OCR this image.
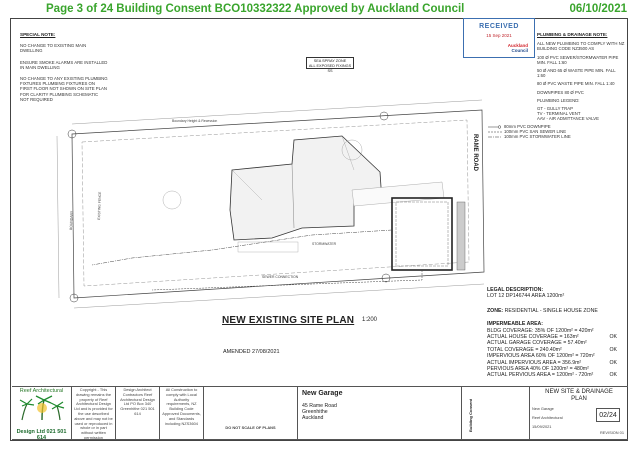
Page 3 of 24 Building Consent BCO10332322 Approved by Auckland Council	06/10/2021
SPECIAL NOTE:

NO CHANGE TO EXISTING MAIN DWELLING

ENSURE SMOKE ALARMS ARE INSTALLED IN MAIN DWELLING

NO CHANGE TO ANY EXISTING PLUMBING FIXTURES PLUMBING FIXTURES ON FIRST FLOOR NOT SHOWN ON SITE PLAN FOR CLARITY PLUMBING SCHEMATIC NOT REQUIRED

RECEIVED
15 Sep 2021
Auckland
Council
PLUMBING & DRAINAGE NOTE:

ALL NEW PLUMBING TO COMPLY WITH NZ BUILDING CODE NZ3500 AS

100 Ø PVC SEWER/STORMWATER PIPE MIN. FALL 1:60

50 Ø AND 65 Ø WASTE PIPE MIN. FALL 1:60

80 Ø PVC WASTE PIPE MIN. FALL 1:40

DOWNPIPES 80 Ø PVC

PLUMBING LEGEND:

GT - GULLY TRAP

TV - TERMINAL VENT

AAV - AIR ADMITTANCE VALVE

80mm PVC DOWNPIPE
100mm PVC SAN SEWER LINE
100mm PVC STORMWATER LINE
SEA SPRAY ZONE
ALL EXPOSED FIXINGS SS
Boundary Height & Recession
EXISTING FENCE
BOUNDARY
STORMWATER
SEWER CONNECTION
RAME ROAD
NEW EXISTING SITE PLAN 1:200
AMENDED 27/08/2021
LEGAL DESCRIPTION:
LOT 12 DP146744 AREA 1200m²
ZONE: RESIDENTIAL - SINGLE HOUSE ZONE
IMPERMEABLE AREA:
BLDG COVERAGE: 35% OF 1200m² = 420m²
ACTUAL HOUSE COVERAGE = 163m²	OK
ACTUAL GARAGE COVERAGE = 57.40m²
TOTAL COVERAGE = 240.40m²	OK
IMPERVIOUS AREA 60% OF 1200m² = 720m²
ACTUAL IMPERVIOUS AREA = 356.9m²	OK
PERVIOUS AREA 40% OF 1200m² = 480m²
ACTUAL PERVIOUS AREA = 1200m² - 720m²	OK
Reef Architectural
Design Ltd 021 501 614
Copyright - This drawing remains the property of Reef Architectural Design Ltd and is provided for the use described above and may not be used or reproduced in whole or in part without written permission
Design Architect Contractors Reef Architectural Design Ltd PO Box 340 Greenhithe 021 501 614
All Construction to comply with Local Authority requirements, NZ Building Code Approved Documents, and Standards including NZS3604
DO NOT SCALE OF PLANS
New Garage
45 Rame Road
Greenhithe
Auckland	Building Consent
NEW SITE & DRAINAGE
PLAN
New Garage
Reef Architectural
15/09/2021
02/24
REVISION 01
